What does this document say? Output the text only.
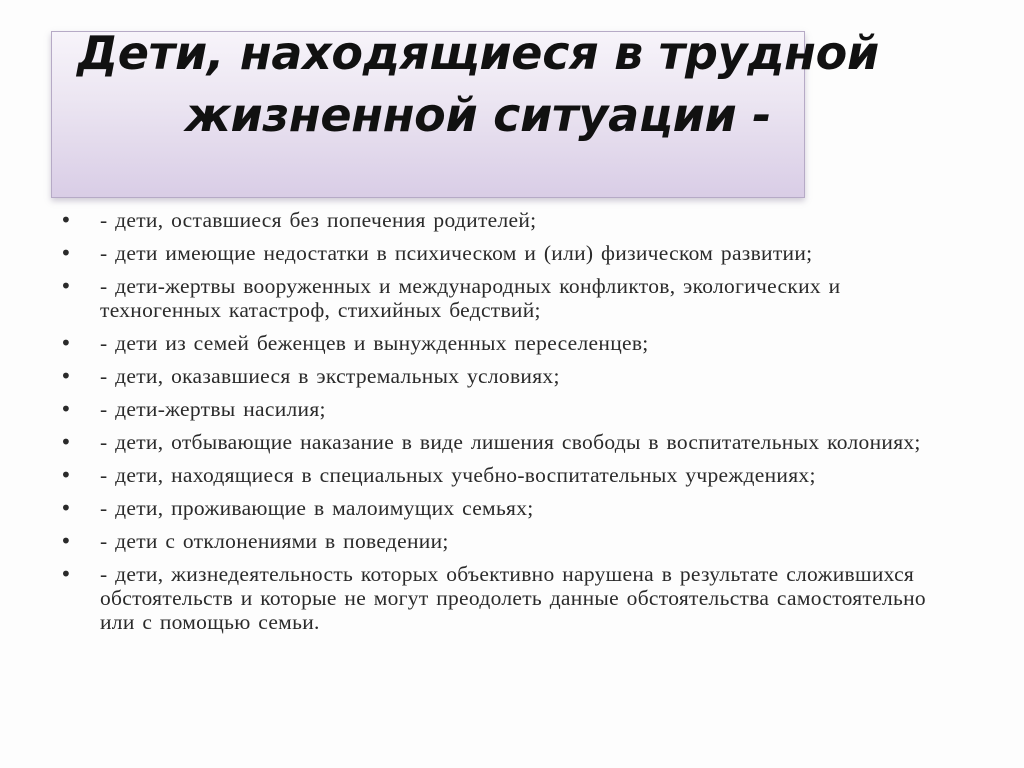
Дети, находящиеся в трудной жизненной ситуации -
• - дети, оставшиеся без попечения родителей;
• - дети имеющие недостатки в психическом и (или) физическом развитии;
• - дети-жертвы вооруженных и международных конфликтов, экологических и техногенных катастроф, стихийных бедствий;
• - дети из семей беженцев и вынужденных переселенцев;
• - дети, оказавшиеся в экстремальных условиях;
• - дети-жертвы насилия;
• - дети, отбывающие наказание в виде лишения свободы в воспитательных колониях;
• - дети, находящиеся в специальных учебно-воспитательных учреждениях;
• - дети, проживающие в малоимущих семьях;
• - дети с отклонениями в поведении;
• - дети, жизнедеятельность которых объективно нарушена в результате сложившихся обстоятельств и которые не могут преодолеть данные обстоятельства самостоятельно или с помощью семьи.
